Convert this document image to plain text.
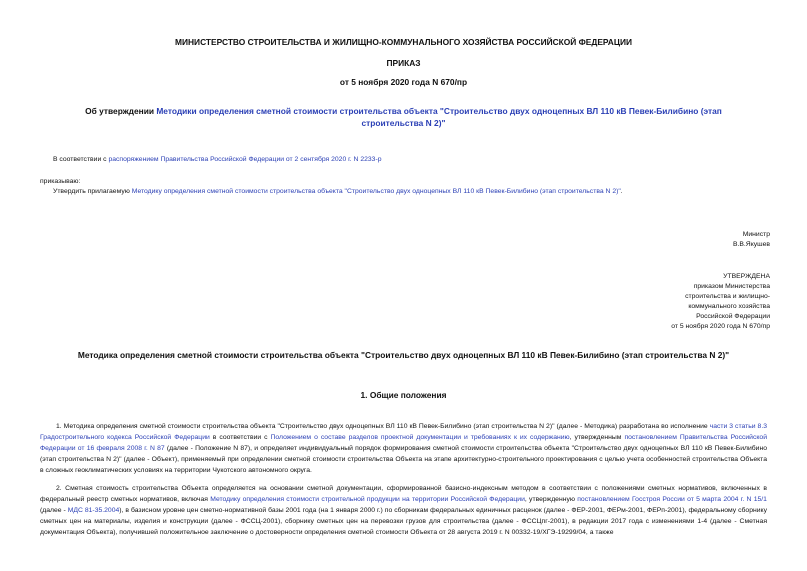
МИНИСТЕРСТВО СТРОИТЕЛЬСТВА И ЖИЛИЩНО-КОММУНАЛЬНОГО ХОЗЯЙСТВА РОССИЙСКОЙ ФЕДЕРАЦИИ
ПРИКАЗ
от 5 ноября 2020 года N 670/пр
Об утверждении Методики определения сметной стоимости строительства объекта "Строительство двух одноцепных ВЛ 110 кВ Певек-Билибино (этап
строительства N 2)"
В соответствии с распоряжением Правительства Российской Федерации от 2 сентября 2020 г. N 2233-р
приказываю:
Утвердить прилагаемую Методику определения сметной стоимости строительства объекта "Строительство двух одноцепных ВЛ 110 кВ Певек-Билибино (этап строительства N 2)".
Министр
В.В.Якушев
УТВЕРЖДЕНА
приказом Министерства
строительства и жилищно-
коммунального хозяйства
Российской Федерации
от 5 ноября 2020 года N 670/пр
Методика определения сметной стоимости строительства объекта "Строительство двух одноцепных ВЛ 110 кВ Певек-Билибино (этап строительства N 2)"
1. Общие положения
1. Методика определения сметной стоимости строительства объекта "Строительство двух одноцепных ВЛ 110 кВ Певек-Билибино (этап строительства N 2)" (далее - Методика) разработана во исполнение части 3 статьи 8.3 Градостроительного кодекса Российской Федерации в соответствии с Положением о составе разделов проектной документации и требованиях к их содержанию, утвержденным постановлением Правительства Российской Федерации от 16 февраля 2008 г. N 87 (далее - Положение N 87), и определяет индивидуальный порядок формирования сметной стоимости строительства объекта "Строительство двух одноцепных ВЛ 110 кВ Певек-Билибино (этап строительства N 2)" (далее - Объект), применяемый при определении сметной стоимости строительства Объекта на этапе архитектурно-строительного проектирования с целью учета особенностей строительства Объекта в сложных геоклиматических условиях на территории Чукотского автономного округа.
2. Сметная стоимость строительства Объекта определяется на основании сметной документации, сформированной базисно-индексным методом в соответствии с положениями сметных нормативов, включенных в федеральный реестр сметных нормативов, включая Методику определения стоимости строительной продукции на территории Российской Федерации, утвержденную постановлением Госстроя России от 5 марта 2004 г. N 15/1 (далее - МДС 81-35.2004), в базисном уровне цен сметно-нормативной базы 2001 года (на 1 января 2000 г.) по сборникам федеральных единичных расценок (далее - ФЕР-2001, ФЕРм-2001, ФЕРп-2001), федеральному сборнику сметных цен на материалы, изделия и конструкции (далее - ФССЦ-2001), сборнику сметных цен на перевозки грузов для строительства (далее - ФССЦпг-2001), в редакции 2017 года с изменениями 1-4 (далее - Сметная документация Объекта), получившей положительное заключение о достоверности определения сметной стоимости Объекта от 28 августа 2019 г. N 00332-19/ХГЭ-19299/04, а также
